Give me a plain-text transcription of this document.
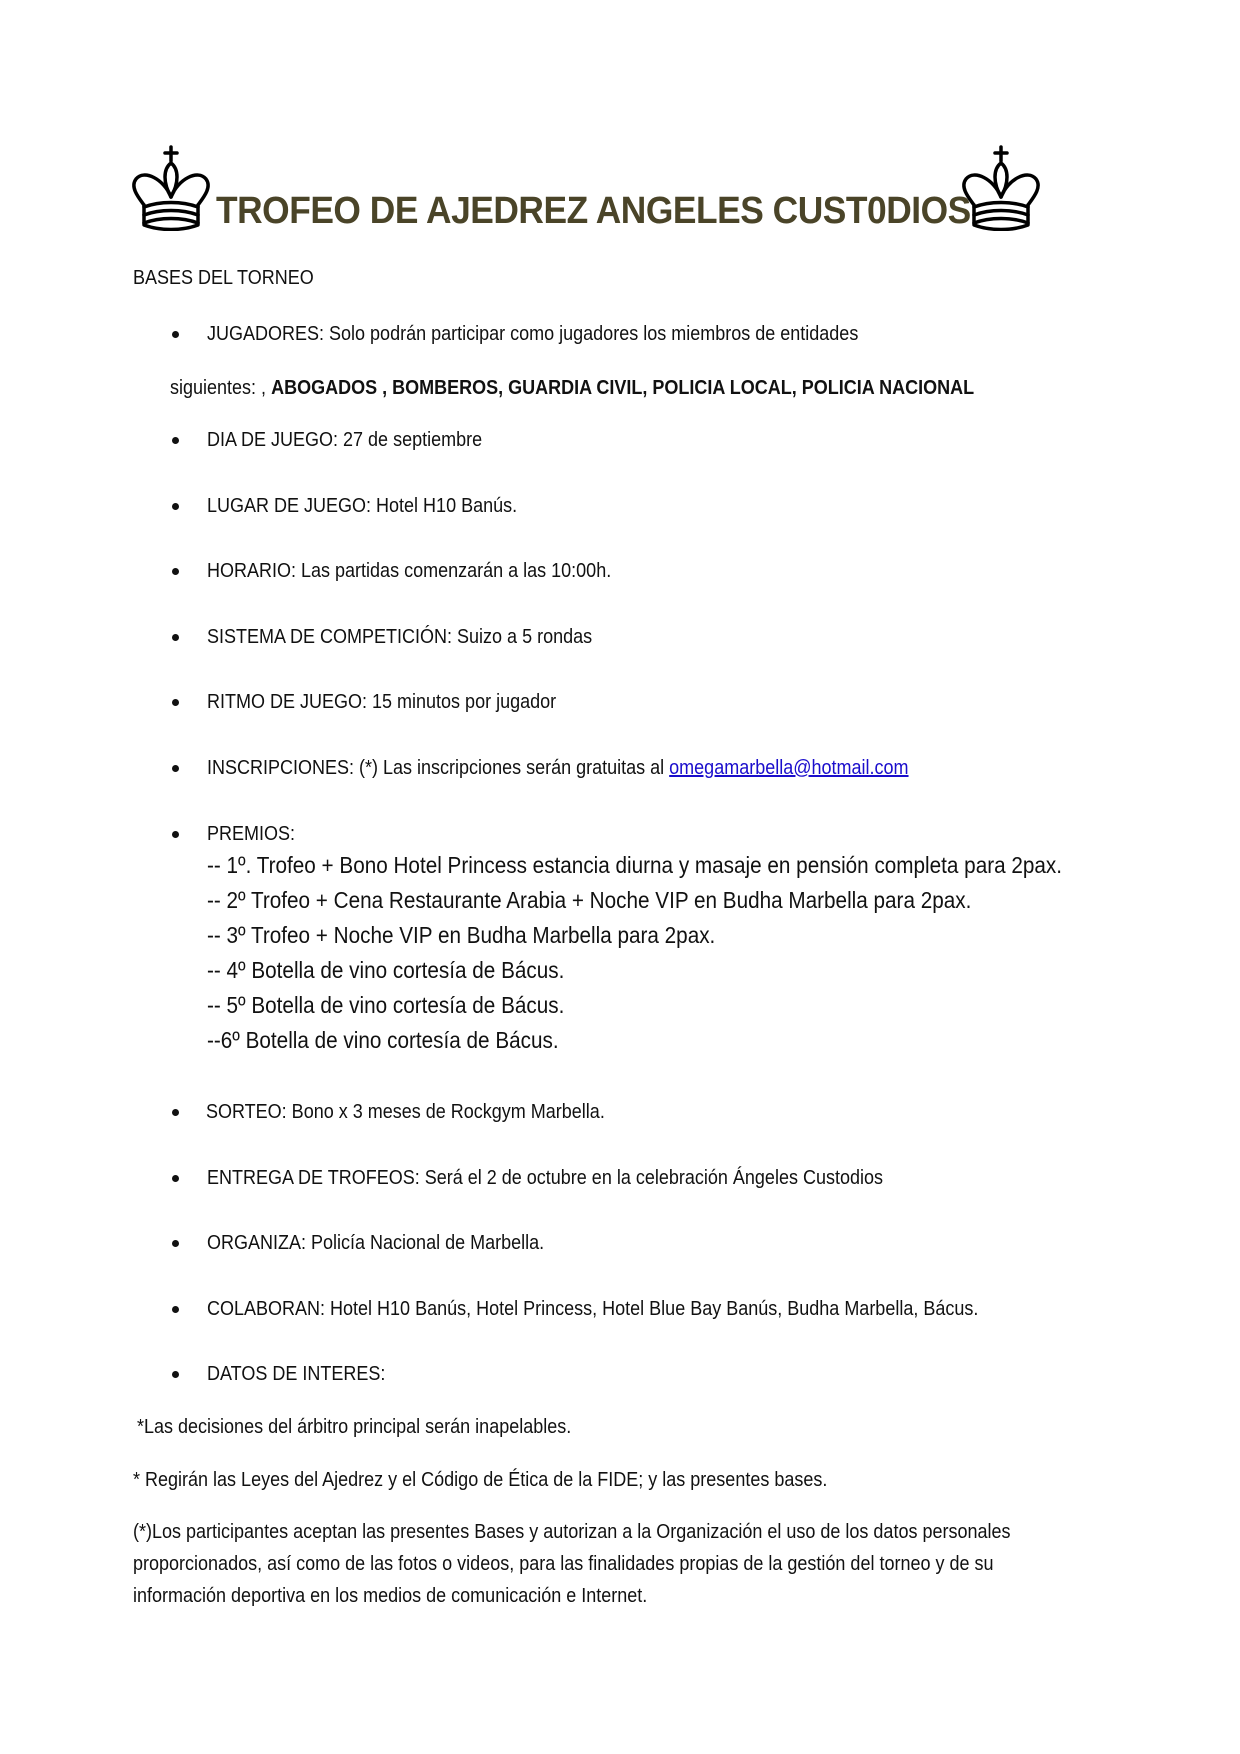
TROFEO DE AJEDREZ ANGELES CUST0DIOS
BASES DEL TORNEO
JUGADORES: Solo podrán participar como jugadores los miembros de entidades
siguientes: , ABOGADOS , BOMBEROS, GUARDIA CIVIL, POLICIA LOCAL, POLICIA NACIONAL
DIA DE JUEGO: 27 de septiembre
LUGAR DE JUEGO: Hotel H10 Banús.
HORARIO: Las partidas comenzarán a las 10:00h.
SISTEMA DE COMPETICIÓN: Suizo a 5 rondas
RITMO DE JUEGO: 15 minutos por jugador
INSCRIPCIONES: (*) Las inscripciones serán gratuitas al omegamarbella@hotmail.com
PREMIOS:
-- 1º. Trofeo + Bono Hotel Princess estancia diurna y masaje en pensión completa para 2pax.
-- 2º Trofeo + Cena Restaurante Arabia + Noche VIP en Budha Marbella para 2pax.
-- 3º Trofeo + Noche VIP en Budha Marbella para 2pax.
-- 4º Botella de vino cortesía de Bácus.
-- 5º Botella de vino cortesía de Bácus.
--6º Botella de vino cortesía de Bácus.
SORTEO: Bono x 3 meses de Rockgym Marbella.
ENTREGA DE TROFEOS: Será el 2 de octubre en la celebración Ángeles Custodios
ORGANIZA: Policía Nacional de Marbella.
COLABORAN: Hotel H10 Banús, Hotel Princess, Hotel Blue Bay Banús, Budha Marbella, Bácus.
DATOS DE INTERES:
*Las decisiones del árbitro principal serán inapelables.
* Regirán las Leyes del Ajedrez y el Código de Ética de la FIDE; y las presentes bases.
(*)Los participantes aceptan las presentes Bases y autorizan a la Organización el uso de los datos personales
proporcionados, así como de las fotos o videos, para las finalidades propias de la gestión del torneo y de su
información deportiva en los medios de comunicación e Internet.
